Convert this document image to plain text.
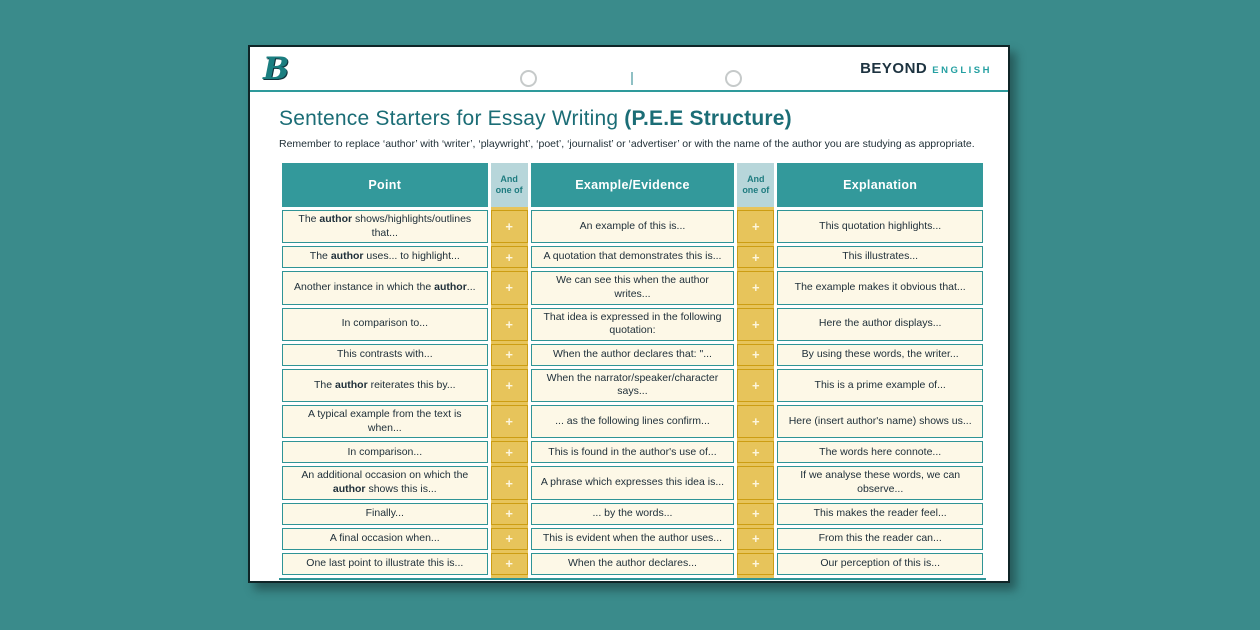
B	BEYOND ENGLISH
Sentence Starters for Essay Writing (P.E.E Structure)
Remember to replace ‘author’ with ‘writer’, ‘playwright’, ‘poet’, ‘journalist’ or ‘advertiser’ or with the name of the author you are studying as appropriate.
Point	And one of	Example/Evidence	And one of	Explanation
The author shows/highlights/outlines that...	+	An example of this is...	+	This quotation highlights...
The author uses... to highlight...	+	A quotation that demonstrates this is...	+	This illustrates...
Another instance in which the author...	+	We can see this when the author writes...	+	The example makes it obvious that...
In comparison to...	+	That idea is expressed in the following quotation:	+	Here the author displays...
This contrasts with...	+	When the author declares that: "...	+	By using these words, the writer...
The author reiterates this by...	+	When the narrator/speaker/character says...	+	This is a prime example of...
A typical example from the text is when...	+	... as the following lines confirm...	+	Here (insert author's name) shows us...
In comparison...	+	This is found in the author's use of...	+	The words here connote...
An additional occasion on which the author shows this is...	+	A phrase which expresses this idea is...	+	If we analyse these words, we can observe...
Finally...	+	... by the words...	+	This makes the reader feel...
A final occasion when...	+	This is evident when the author uses...	+	From this the reader can...
One last point to illustrate this is...	+	When the author declares...	+	Our perception of this is...
